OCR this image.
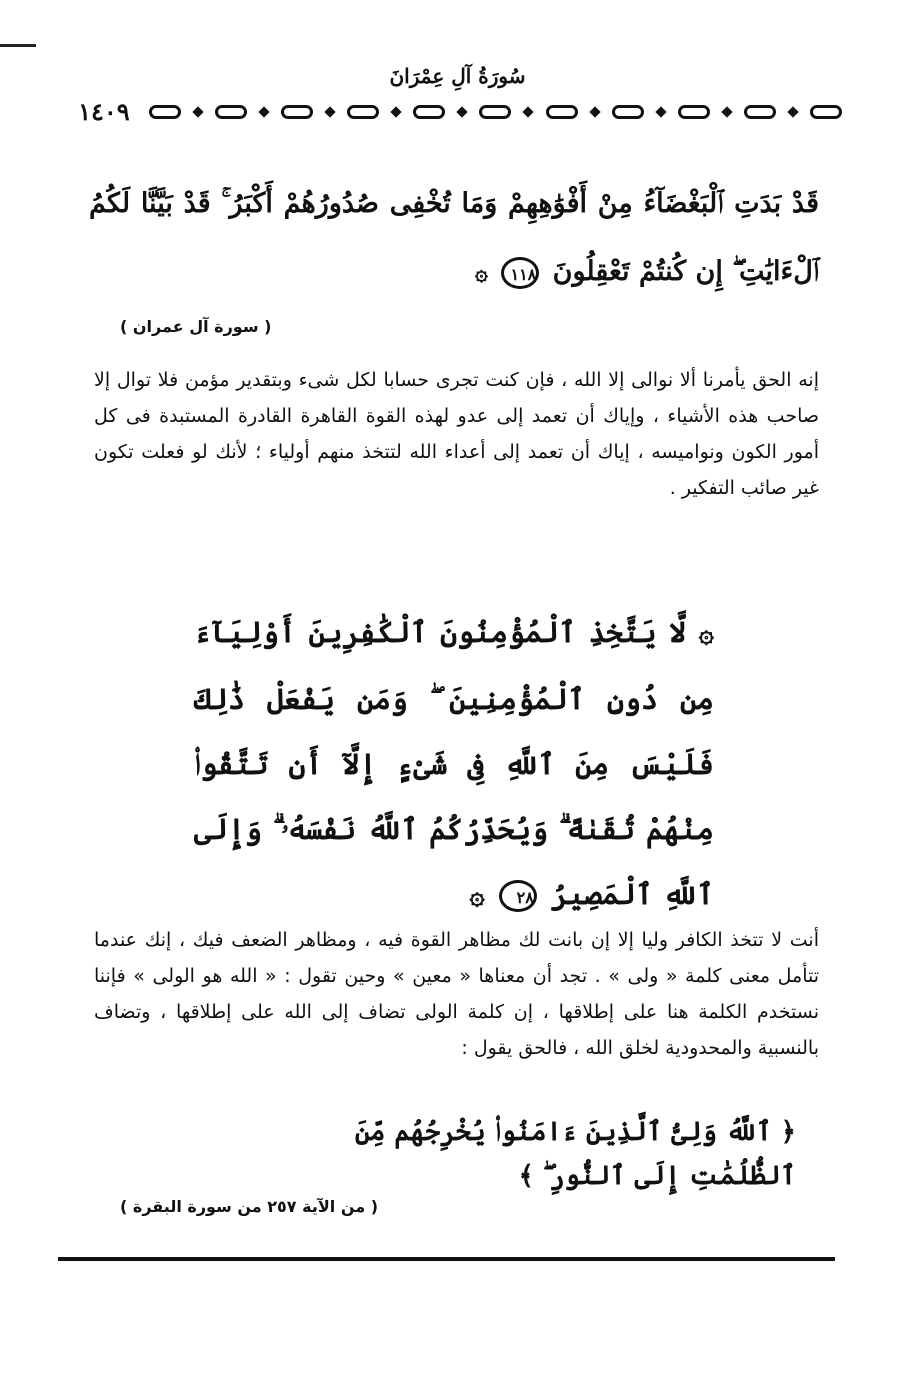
سُورَةُ آلِ عِمْرَانَ
١٤٠٩
قَدْ بَدَتِ ٱلْبَغْضَآءُ مِنْ أَفْوَٰهِهِمْ وَمَا تُخْفِى صُدُورُهُمْ أَكْبَرُ ۚ قَدْ بَيَّنَّا لَكُمُ ٱلْءَايَٰتِ ۖ إِن كُنتُمْ تَعْقِلُونَ ١١٨ ۞
( سورة آل عمران )
إنه الحق يأمرنا ألا نوالى إلا الله ، فإن كنت تجرى حسابا لكل شىء وبتقدير مؤمن فلا توال إلا صاحب هذه الأشياء ، وإياك أن تعمد إلى عدو لهذه القوة القاهرة القادرة المستبدة فى كل أمور الكون ونواميسه ، إياك أن تعمد إلى أعداء الله لتتخذ منهم أولياء ؛ لأنك لو فعلت تكون غير صائب التفكير .
۞ لَّا يَتَّخِذِ ٱلْمُؤْمِنُونَ ٱلْكَٰفِرِينَ أَوْلِيَآءَ مِن دُونِ ٱلْمُؤْمِنِينَ ۖ وَمَن يَفْعَلْ ذَٰلِكَ فَلَيْسَ مِنَ ٱللَّهِ فِى شَىْءٍ إِلَّآ أَن تَتَّقُوا۟ مِنْهُمْ تُقَىٰةً ۗ وَيُحَذِّرُكُمُ ٱللَّهُ نَفْسَهُۥ ۗ وَإِلَى ٱللَّهِ ٱلْمَصِيرُ ٢٨ ۞
أنت لا تتخذ الكافر وليا إلا إن بانت لك مظاهر القوة فيه ، ومظاهر الضعف فيك ، إنك عندما تتأمل معنى كلمة « ولى » . تجد أن معناها « معين » وحين تقول : « الله هو الولى » فإننا نستخدم الكلمة هنا على إطلاقها ، إن كلمة الولى تضاف إلى الله على إطلاقها ، وتضاف بالنسبية والمحدودية لخلق الله ، فالحق يقول :
﴿ ٱللَّهُ وَلِىُّ ٱلَّذِينَ ءَامَنُوا۟ يُخْرِجُهُم مِّنَ ٱلظُّلُمَٰتِ إِلَى ٱلنُّورِ ۖ ﴾
( من الآية ٢٥٧ من سورة البقرة )
